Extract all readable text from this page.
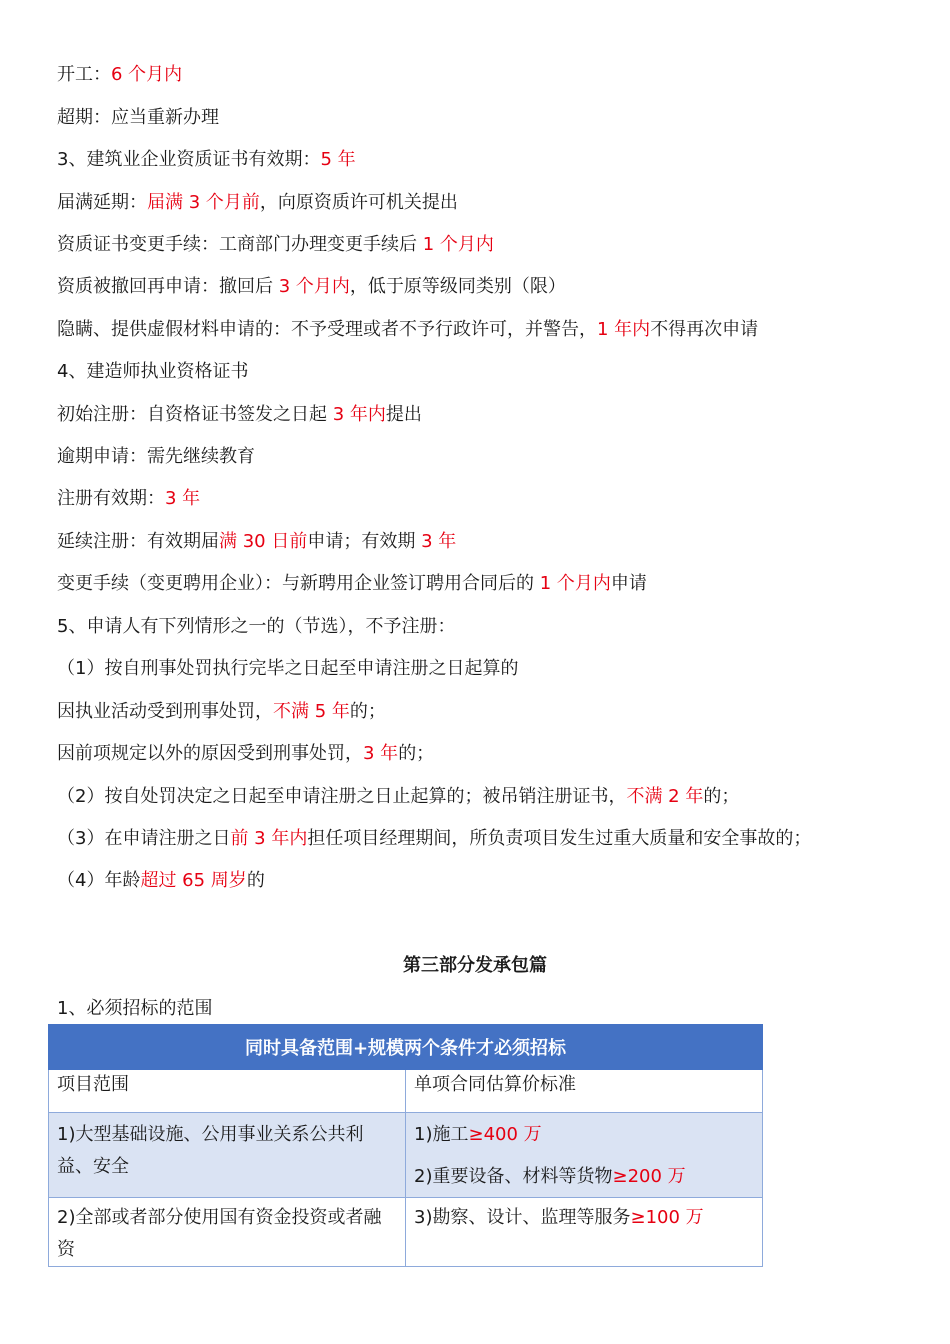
开工：6 个月内
超期：应当重新办理
3、建筑业企业资质证书有效期：5 年
届满延期：届满 3 个月前，向原资质许可机关提出
资质证书变更手续：工商部门办理变更手续后 1 个月内
资质被撤回再申请：撤回后 3 个月内，低于原等级同类别（限）
隐瞒、提供虚假材料申请的：不予受理或者不予行政许可，并警告，1 年内不得再次申请
4、建造师执业资格证书
初始注册：自资格证书签发之日起 3 年内提出
逾期申请：需先继续教育
注册有效期：3 年
延续注册：有效期届满 30 日前申请；有效期 3 年
变更手续（变更聘用企业）：与新聘用企业签订聘用合同后的 1 个月内申请
5、申请人有下列情形之一的（节选），不予注册：
（1）按自刑事处罚执行完毕之日起至申请注册之日起算的
因执业活动受到刑事处罚，不满 5 年的；
因前项规定以外的原因受到刑事处罚，3 年的；
（2）按自处罚决定之日起至申请注册之日止起算的；被吊销注册证书，不满 2 年的；
（3）在申请注册之日前 3 年内担任项目经理期间，所负责项目发生过重大质量和安全事故的；
（4）年龄超过 65 周岁的
第三部分发承包篇
1、必须招标的范围
同时具备范围+规模两个条件才必须招标	
项目范围	单项合同估算价标准

1)大型基础设施、公用事业关系公共利益、安全	1)施工≥400 万
2)重要设备、材料等货物≥200 万

2)全部或者部分使用国有资金投资或者融资	3)勘察、设计、监理等服务≥100 万
